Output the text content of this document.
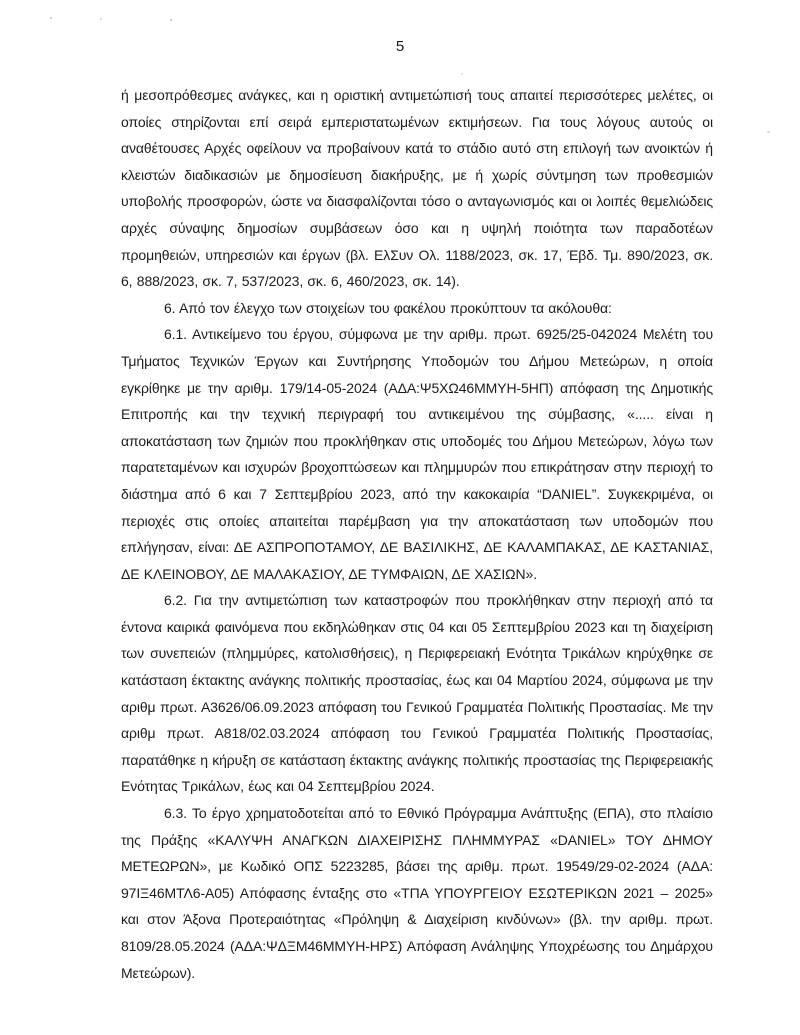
5

ή μεσοπρόθεσμες ανάγκες, και η οριστική αντιμετώπισή τους απαιτεί περισσότερες μελέτες, οι οποίες στηρίζονται επί σειρά εμπεριστατωμένων εκτιμήσεων. Για τους λόγους αυτούς οι αναθέτουσες Αρχές οφείλουν να προβαίνουν κατά το στάδιο αυτό στη επιλογή των ανοικτών ή κλειστών διαδικασιών με δημοσίευση διακήρυξης, με ή χωρίς σύντμηση των προθεσμιών υποβολής προσφορών, ώστε να διασφαλίζονται τόσο ο ανταγωνισμός και οι λοιπές θεμελιώδεις αρχές σύναψης δημοσίων συμβάσεων όσο και η υψηλή ποιότητα των παραδοτέων προμηθειών, υπηρεσιών και έργων (βλ. ΕλΣυν Ολ. 1188/2023, σκ. 17, Έβδ. Τμ. 890/2023, σκ. 6, 888/2023, σκ. 7, 537/2023, σκ. 6, 460/2023, σκ. 14).

6. Από τον έλεγχο των στοιχείων του φακέλου προκύπτουν τα ακόλουθα:

6.1. Αντικείμενο του έργου, σύμφωνα με την αριθμ. πρωτ. 6925/25-042024 Μελέτη του Τμήματος Τεχνικών Έργων και Συντήρησης Υποδομών του Δήμου Μετεώρων, η οποία εγκρίθηκε με την αριθμ. 179/14-05-2024 (ΑΔΑ:Ψ5ΧΩ46ΜΜΥΗ-5ΗΠ) απόφαση της Δημοτικής Επιτροπής και την τεχνική περιγραφή του αντικειμένου της σύμβασης, «..... είναι η αποκατάσταση των ζημιών που προκλήθηκαν στις υποδομές του Δήμου Μετεώρων, λόγω των παρατεταμένων και ισχυρών βροχοπτώσεων και πλημμυρών που επικράτησαν στην περιοχή το διάστημα από 6 και 7 Σεπτεμβρίου 2023, από την κακοκαιρία “DANIEL”. Συγκεκριμένα, οι περιοχές στις οποίες απαιτείται παρέμβαση για την αποκατάσταση των υποδομών που επλήγησαν, είναι: ΔΕ ΑΣΠΡΟΠΟΤΑΜΟΥ, ΔΕ ΒΑΣΙΛΙΚΗΣ, ΔΕ ΚΑΛΑΜΠΑΚΑΣ, ΔΕ ΚΑΣΤΑΝΙΑΣ, ΔΕ ΚΛΕΙΝΟΒΟΥ, ΔΕ ΜΑΛΑΚΑΣΙΟΥ, ΔΕ ΤΥΜΦΑΙΩΝ, ΔΕ ΧΑΣΙΩΝ».

6.2. Για την αντιμετώπιση των καταστροφών που προκλήθηκαν στην περιοχή από τα έντονα καιρικά φαινόμενα που εκδηλώθηκαν στις 04 και 05 Σεπτεμβρίου 2023 και τη διαχείριση των συνεπειών (πλημμύρες, κατολισθήσεις), η Περιφερειακή Ενότητα Τρικάλων κηρύχθηκε σε κατάσταση έκτακτης ανάγκης πολιτικής προστασίας, έως και 04 Μαρτίου 2024, σύμφωνα με την αριθμ πρωτ. Α3626/06.09.2023 απόφαση του Γενικού Γραμματέα Πολιτικής Προστασίας. Με την αριθμ πρωτ. Α818/02.03.2024 απόφαση του Γενικού Γραμματέα Πολιτικής Προστασίας, παρατάθηκε η κήρυξη σε κατάσταση έκτακτης ανάγκης πολιτικής προστασίας της Περιφερειακής Ενότητας Τρικάλων, έως και 04 Σεπτεμβρίου 2024.

6.3. Το έργο χρηματοδοτείται από το Εθνικό Πρόγραμμα Ανάπτυξης (ΕΠΑ), στο πλαίσιο της Πράξης «ΚΑΛΥΨΗ ΑΝΑΓΚΩΝ ΔΙΑΧΕΙΡΙΣΗΣ ΠΛΗΜΜΥΡΑΣ «DANIEL» ΤΟΥ ΔΗΜΟΥ ΜΕΤΕΩΡΩΝ», με Κωδικό ΟΠΣ 5223285, βάσει της αριθμ. πρωτ. 19549/29-02-2024 (ΑΔΑ: 97ΙΞ46ΜΤΛ6-Α05) Απόφασης ένταξης στο «ΤΠΑ ΥΠΟΥΡΓΕΙΟΥ ΕΣΩΤΕΡΙΚΩΝ 2021 – 2025» και στον Άξονα Προτεραιότητας «Πρόληψη & Διαχείριση κινδύνων» (βλ. την αριθμ. πρωτ. 8109/28.05.2024 (ΑΔΑ:ΨΔΞΜ46ΜΜΥΗ-ΗΡΣ) Απόφαση Ανάληψης Υποχρέωσης του Δημάρχου Μετεώρων).
